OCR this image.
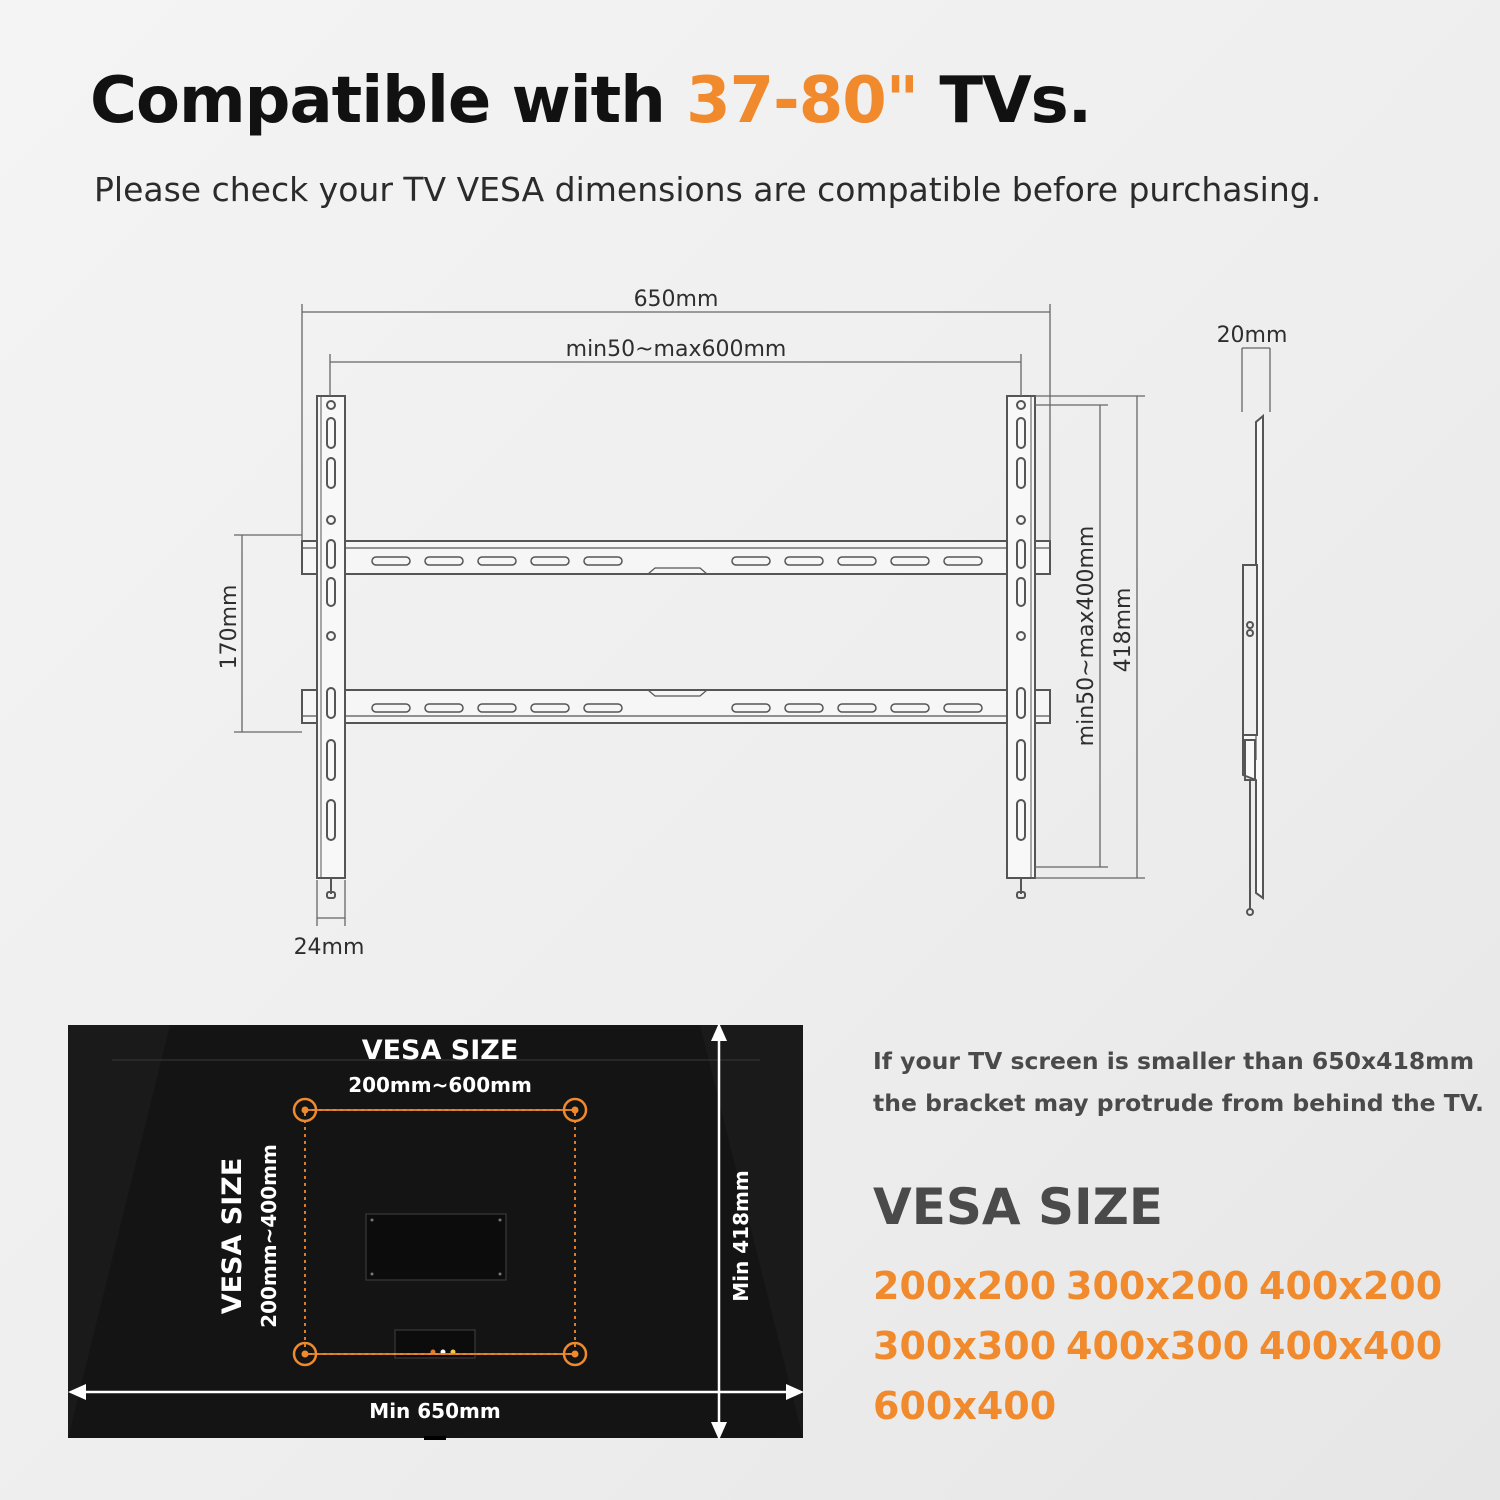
Compatible with 37-80" TVs.

Please check your TV VESA dimensions are compatible before purchasing.

650mm
min50~max600mm
170mm	min50~max400mm 418mm
24mm
20mm
VESA SIZE
200mm~600mm
VESA SIZE 200mm~400mm
Min 650mm
Min 418mm

If your TV screen is smaller than 650x418mm
the bracket may protrude from behind the TV.

VESA SIZE
200x200 300x200 400x200
300x300 400x300 400x400
600x400
